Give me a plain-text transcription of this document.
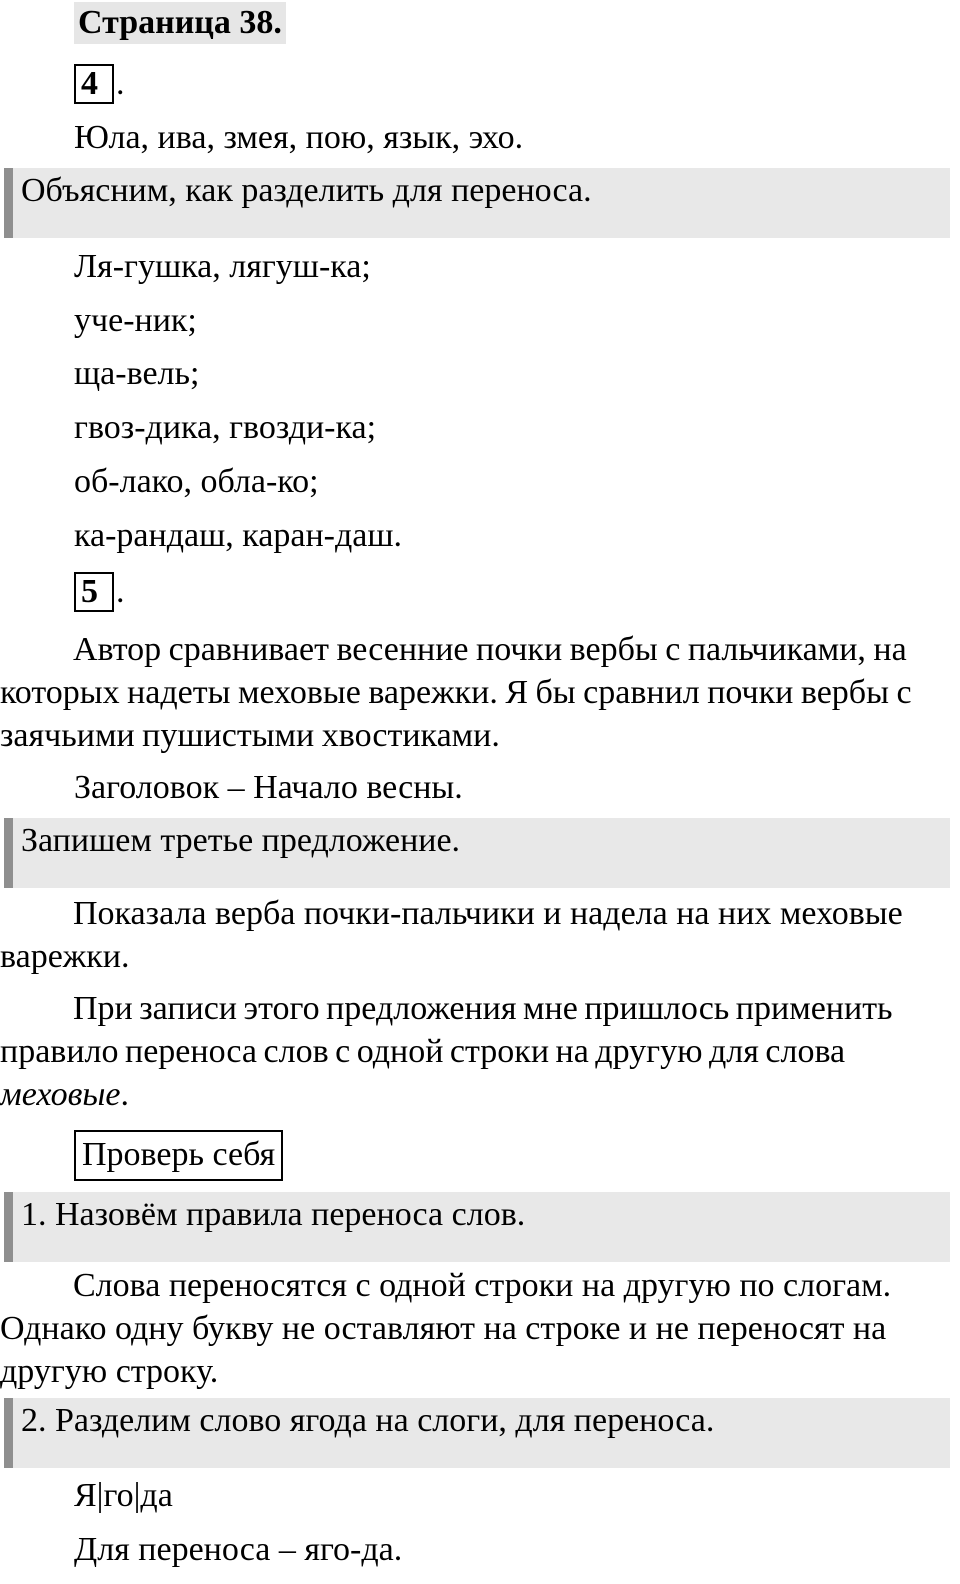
Страница 38.
4 .
Юла, ива, змея, пою, язык, эхо.
Объясним, как разделить для переноса.
Ля-гушка, лягуш-ка;
уче-ник;
ща-вель;
гвоз-дика, гвозди-ка;
об-лако, обла-ко;
ка-рандаш, каран-даш.
5 .
Автор сравнивает весенние почки вербы с пальчиками, на которых надеты меховые варежки. Я бы сравнил почки вербы с заячьими пушистыми хвостиками.
Заголовок – Начало весны.
Запишем третье предложение.
Показала верба почки-пальчики и надела на них меховые варежки.
При записи этого предложения мне пришлось применить правило переноса слов с одной строки на другую для слова меховые.
Проверь себя
1. Назовём правила переноса слов.
Слова переносятся с одной строки на другую по слогам. Однако одну букву не оставляют на строке и не переносят на другую строку.
2. Разделим слово ягода на слоги, для переноса.
Я|го|да
Для переноса – яго-да.
